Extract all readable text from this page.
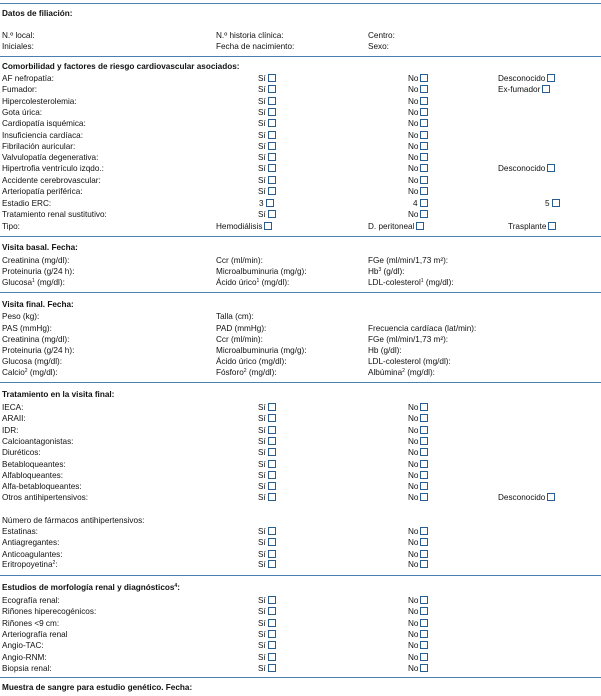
Datos de filiación:
N.º local:	N.º historia clínica:	Centro:
Iniciales:	Fecha de nacimiento:	Sexo:
Comorbilidad y factores de riesgo cardiovascular asociados:
AF nefropatía:	Sí	No	Desconocido
Fumador:	Sí	No	Ex-fumador
Hipercolesterolemia:	Sí	No
Gota úrica:	Sí	No
Cardiopatía isquémica:	Sí	No
Insuficiencia cardíaca:	Sí	No
Fibrilación auricular:	Sí	No
Valvulopatía degenerativa:	Sí	No
Hipertrofia ventrículo izqdo.:	Sí	No	Desconocido
Accidente cerebrovascular:	Sí	No
Arteriopatía periférica:	Sí	No
Estadio ERC:	3	4	5
Tratamiento renal sustitutivo:	Sí	No
Tipo:	Hemodiálisis	D. peritoneal	Trasplante
Visita basal. Fecha:
Creatinina (mg/dl):	Ccr (ml/min):	FGe (ml/min/1,73 m²):
Proteinuria (g/24 h):	Microalbuminuria (mg/g):	Hb$^3$ (g/dl):
Glucosa$^1$ (mg/dl):	Ácido úrico$^1$ (mg/dl):	LDL-colesterol$^1$ (mg/dl):
Visita final. Fecha:
Peso (kg):	Talla (cm):
PAS (mmHg):	PAD (mmHg):	Frecuencia cardíaca (lat/min):
Creatinina (mg/dl):	Ccr (ml/min):	FGe (ml/min/1,73 m²):
Proteinuria (g/24 h):	Microalbuminuria (mg/g):	Hb (g/dl):
Glucosa (mg/dl):	Ácido úrico (mg/dl):	LDL-colesterol (mg/dl):
Calcio$^2$ (mg/dl):	Fósforo$^2$ (mg/dl):	Albúmina$^2$ (mg/dl):
Tratamiento en la visita final:
IECA:	Sí	No
ARAII:	Sí	No
IDR:	Sí	No
Calcioantagonistas:	Sí	No
Diuréticos:	Sí	No
Betabloqueantes:	Sí	No
Alfabloqueantes:	Sí	No
Alfa-betabloqueantes:	Sí	No
Otros antihipertensivos:	Sí	No	Desconocido
Número de fármacos antihipertensivos:
Estatinas:	Sí	No
Antiagregantes:	Sí	No
Anticoagulantes:	Sí	No
Eritropoyetina$^2$:	Sí	No
Estudios de morfología renal y diagnósticos$^4$:
Ecografía renal:	Sí	No
Riñones hiperecogénicos:	Sí	No
Riñones <9 cm:	Sí	No
Arteriografía renal	Sí	No
Angio-TAC:	Sí	No
Angio-RNM:	Sí	No
Biopsia renal:	Sí	No
Muestra de sangre para estudio genético. Fecha:
